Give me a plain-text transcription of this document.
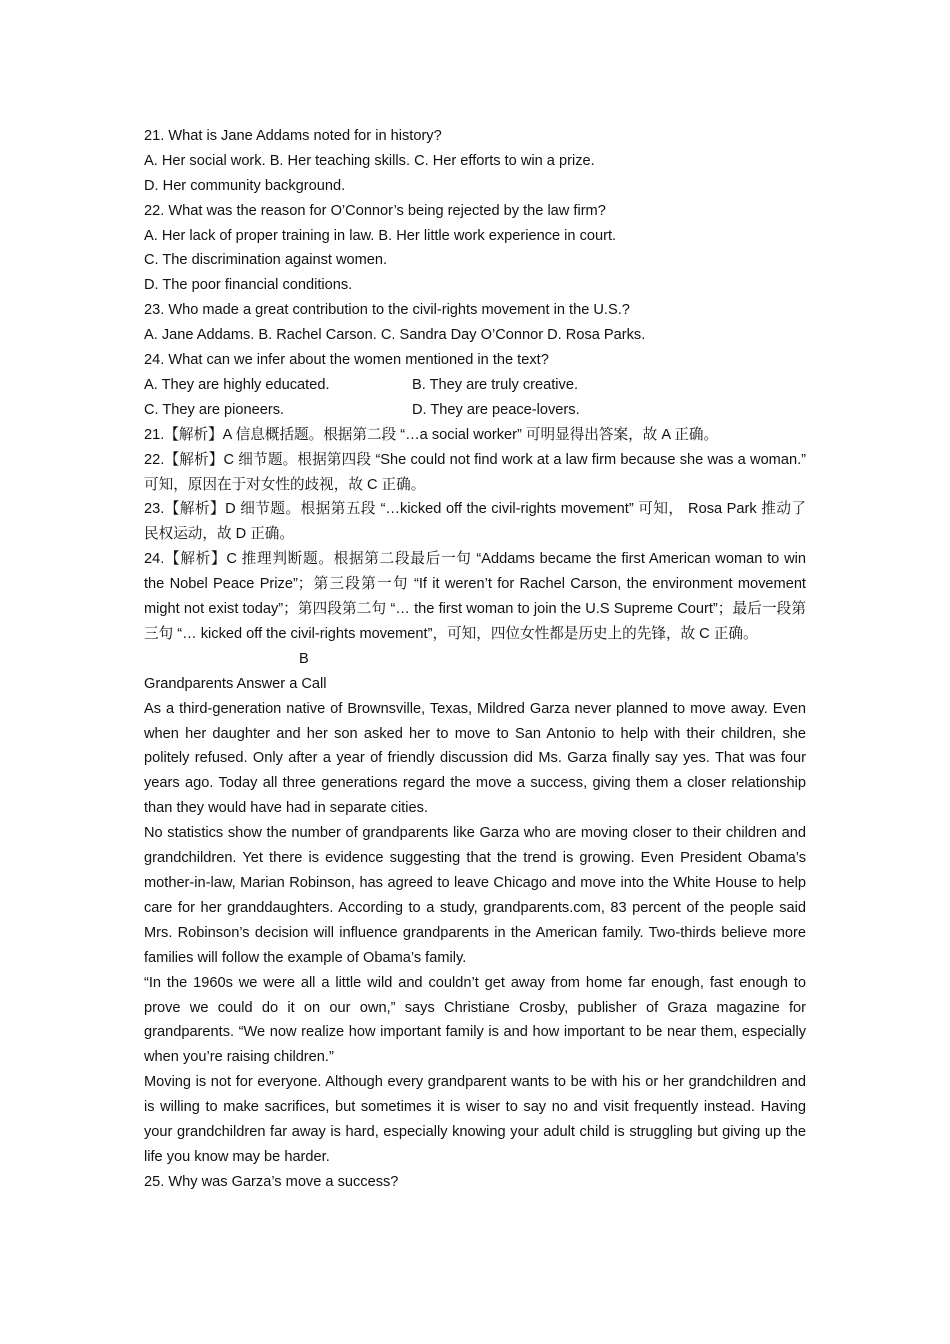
21. What is Jane Addams noted for in history?
A. Her social work. B. Her teaching skills. C. Her efforts to win a prize.
D. Her community background.
22. What was the reason for O’Connor’s being rejected by the law firm?
A. Her lack of proper training in law. B. Her little work experience in court.
C. The discrimination against women.
D. The poor financial conditions.
23. Who made a great contribution to the civil-rights movement in the U.S.?
A. Jane Addams. B. Rachel Carson. C. Sandra Day O’Connor D. Rosa Parks.
24. What can we infer about the women mentioned in the text?
A. They are highly educated.	B. They are truly creative.
C. They are pioneers.	D. They are peace-lovers.
21.【解析】A 信息概括题。根据第二段 “…a social worker” 可明显得出答案，故 A 正确。
22.【解析】C 细节题。根据第四段 “She could not find work at a law firm because she was a woman.” 可知，原因在于对女性的歧视，故 C 正确。
23.【解析】D 细节题。根据第五段 “…kicked off the civil-rights movement” 可知， Rosa Park 推动了民权运动，故 D 正确。
24.【解析】C 推理判断题。根据第二段最后一句 “Addams became the first American woman to win the Nobel Peace Prize”；第三段第一句 “If it weren’t for Rachel Carson, the environment movement might not exist today”；第四段第二句 “… the first woman to join the U.S Supreme Court”；最后一段第三句 “… kicked off the civil-rights movement”，可知，四位女性都是历史上的先锋，故 C 正确。
B
Grandparents Answer a Call
As a third-generation native of Brownsville, Texas, Mildred Garza never planned to move away. Even when her daughter and her son asked her to move to San Antonio to help with their children, she politely refused. Only after a year of friendly discussion did Ms. Garza finally say yes. That was four years ago. Today all three generations regard the move a success, giving them a closer relationship than they would have had in separate cities.
No statistics show the number of grandparents like Garza who are moving closer to their children and grandchildren. Yet there is evidence suggesting that the trend is growing. Even President Obama’s mother-in-law, Marian Robinson, has agreed to leave Chicago and move into the White House to help care for her granddaughters. According to a study, grandparents.com, 83 percent of the people said Mrs. Robinson’s decision will influence grandparents in the American family. Two-thirds believe more families will follow the example of Obama’s family.
“In the 1960s we were all a little wild and couldn’t get away from home far enough, fast enough to prove we could do it on our own,” says Christiane Crosby, publisher of Graza magazine for grandparents. “We now realize how important family is and how important to be near them, especially when you’re raising children.”
Moving is not for everyone. Although every grandparent wants to be with his or her grandchildren and is willing to make sacrifices, but sometimes it is wiser to say no and visit frequently instead. Having your grandchildren far away is hard, especially knowing your adult child is struggling but giving up the life you know may be harder.
25. Why was Garza’s move a success?
